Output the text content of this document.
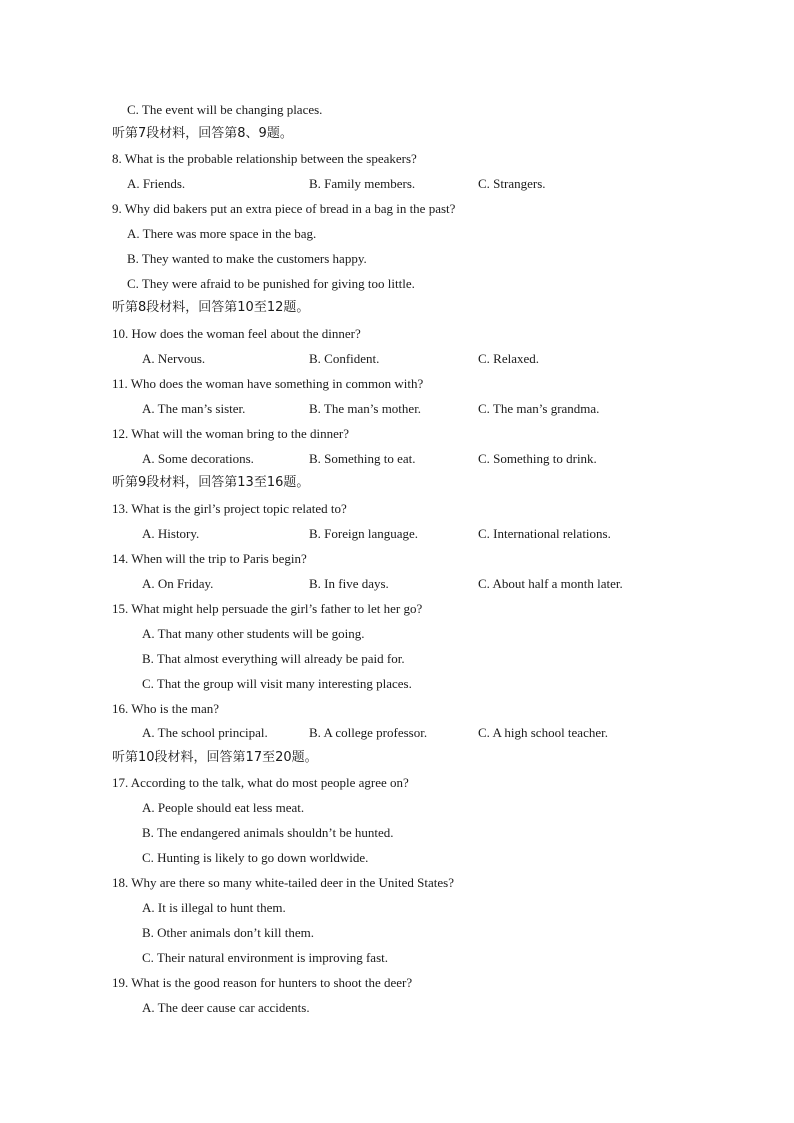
C. The event will be changing places.
听第7段材料，回答第8、9题。
8. What is the probable relationship between the speakers?
A. Friends.	B. Family members.	C. Strangers.
9. Why did bakers put an extra piece of bread in a bag in the past?
A. There was more space in the bag.
B. They wanted to make the customers happy.
C. They were afraid to be punished for giving too little.
听第8段材料，回答第10至12题。
10. How does the woman feel about the dinner?
A. Nervous.	B. Confident.	C. Relaxed.
11. Who does the woman have something in common with?
A. The man’s sister.	B. The man’s mother.	C. The man’s grandma.
12. What will the woman bring to the dinner?
A. Some decorations.	B. Something to eat.	C. Something to drink.
听第9段材料，回答第13至16题。
13. What is the girl’s project topic related to?
A. History.	B. Foreign language.	C. International relations.
14. When will the trip to Paris begin?
A. On Friday.	B. In five days.	C. About half a month later.
15. What might help persuade the girl’s father to let her go?
A. That many other students will be going.
B. That almost everything will already be paid for.
C. That the group will visit many interesting places.
16. Who is the man?
A. The school principal.	B. A college professor.	C. A high school teacher.
听第10段材料，回答第17至20题。
17. According to the talk, what do most people agree on?
A. People should eat less meat.
B. The endangered animals shouldn’t be hunted.
C. Hunting is likely to go down worldwide.
18. Why are there so many white-tailed deer in the United States?
A. It is illegal to hunt them.
B. Other animals don’t kill them.
C. Their natural environment is improving fast.
19. What is the good reason for hunters to shoot the deer?
A. The deer cause car accidents.
